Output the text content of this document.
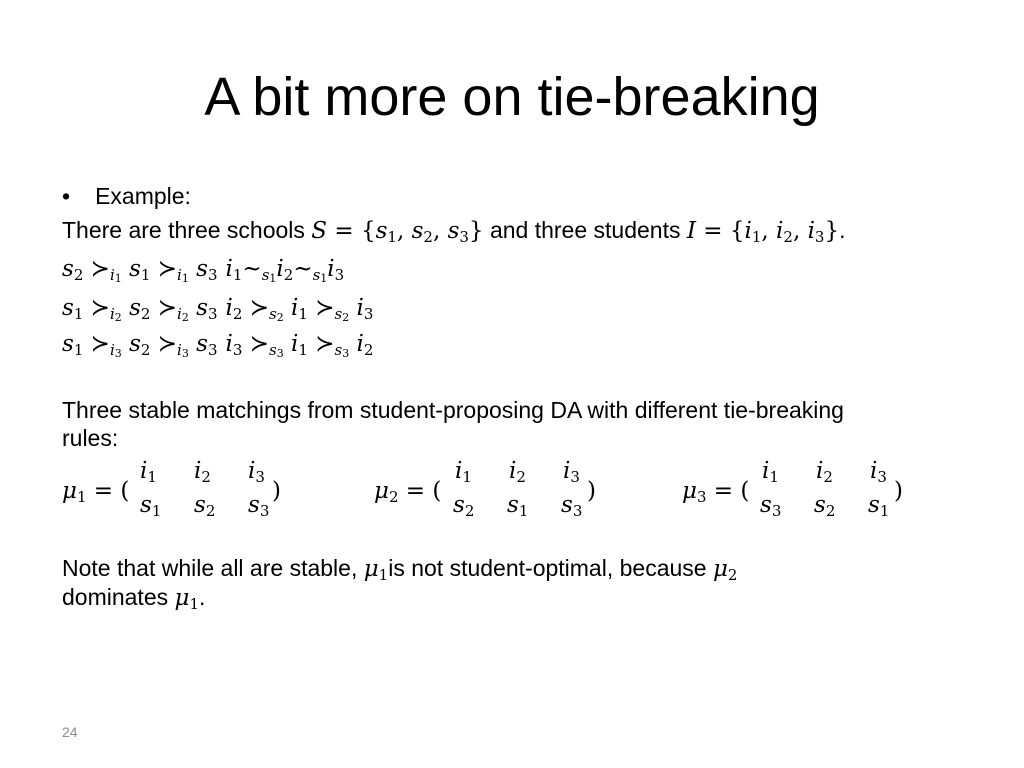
A bit more on tie-breaking
• Example:
There are three schools $S = \{s_1$, $s_2$, $s_3$} and three students $I = \{i_1$, $i_2$, $i_3$}.
$s_2$ $≻_{i_1}$ $s_1$ $≻_{i_1}$ $s_3$ $i_1\sim_{s_1}i_2\sim_{s_1}i_3$
$s_1$ $≻_{i_2}$ $s_2$ $≻_{i_2}$ $s_3$ $i_2$ $≻_{s_2}$ $i_1$ $≻_{s_2}$ $i_3$
$s_1$ $≻_{i_3}$ $s_2$ $≻_{i_3}$ $s_3$ $i_3$ $≻_{s_3}$ $i_1$ $≻_{s_3}$ $i_2$
Three stable matchings from student-proposing DA with different tie-breaking
rules:
$\mu_1$ = (
$i_1$ $i_2$ $i_3$
$s_1$ $s_2$ $s_3$
)	$\mu_2$ = (
$i_1$ $i_2$ $i_3$
$s_2$ $s_1$ $s_3$
)	$\mu_3$ = (
$i_1$ $i_2$ $i_3$
$s_3$ $s_2$ $s_1$
)
Note that while all are stable, $\mu_1is$ not student-optimal, because $\mu_2$
dominates $\mu_1$.
24
